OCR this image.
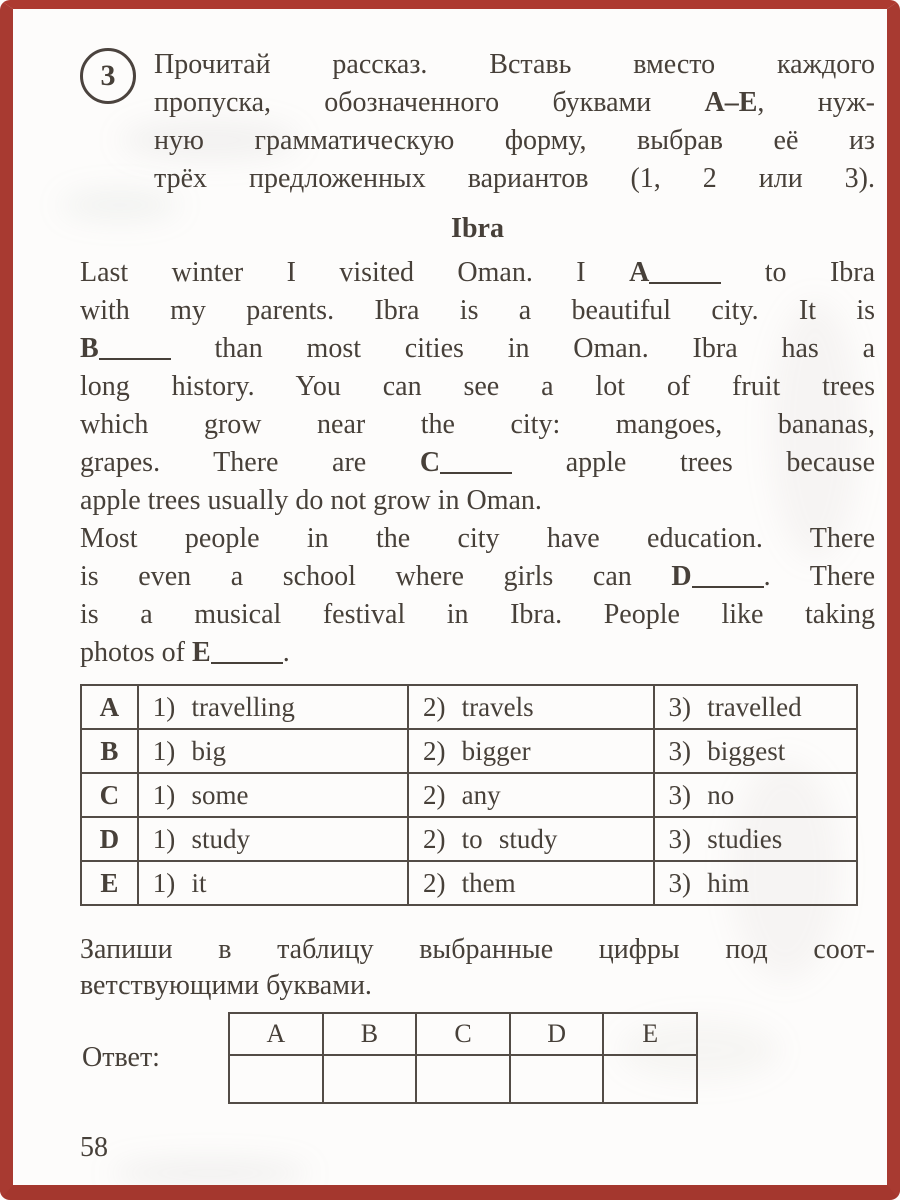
3 Прочитай рассказ. Вставь вместо каждого
пропуска, обозначенного буквами А–Е, нуж-
ную грамматическую форму, выбрав её из
трёх предложенных вариантов (1, 2 или 3).
Ibra
Last winter I visited Oman. I A	to Ibra
with my parents. Ibra is a beautiful city. It is
B	than most cities in Oman. Ibra has a
long history. You can see a lot of fruit trees
which grow near the city: mangoes, bananas,
grapes. There are C	apple trees because
apple trees usually do not grow in Oman.
Most people in the city have education. There
is even a school where girls can D	. There
is a musical festival in Ibra. People like taking
photos of E	.
A	1) travelling	2) travels	3) travelled
B	1) big	2) bigger	3) biggest
C	1) some	2) any	3) no
D	1) study	2) to study	3) studies
E	1) it	2) them	3) him
Запиши в таблицу выбранные цифры под соот-
ветствующими буквами.
Ответ:
A	B	C	D	E

58
